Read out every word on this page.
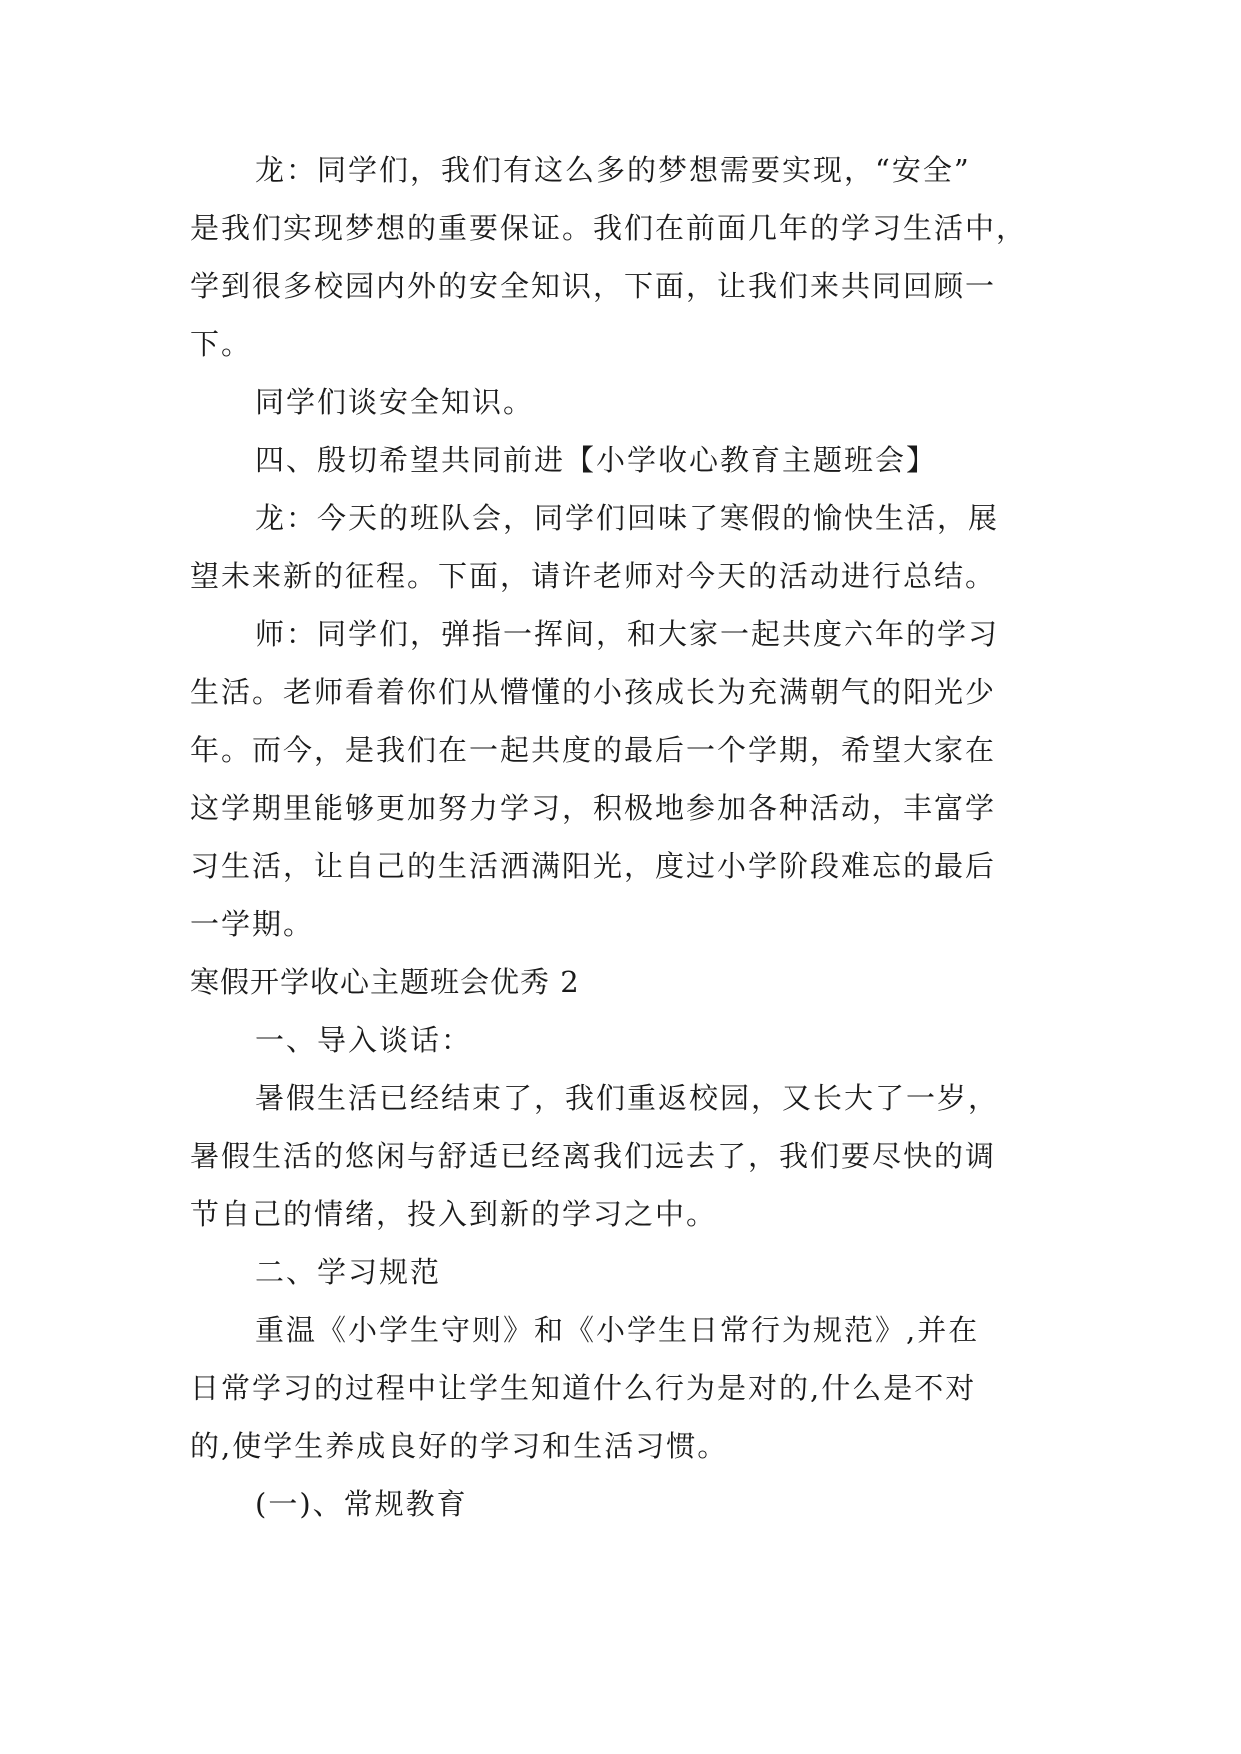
龙：同学们，我们有这么多的梦想需要实现，“安全”
是我们实现梦想的重要保证。我们在前面几年的学习生活中，
学到很多校园内外的安全知识，下面，让我们来共同回顾一
下。
同学们谈安全知识。
四、殷切希望共同前进【小学收心教育主题班会】
龙：今天的班队会，同学们回味了寒假的愉快生活，展
望未来新的征程。下面，请许老师对今天的活动进行总结。
师：同学们，弹指一挥间，和大家一起共度六年的学习
生活。老师看着你们从懵懂的小孩成长为充满朝气的阳光少
年。而今，是我们在一起共度的最后一个学期，希望大家在
这学期里能够更加努力学习，积极地参加各种活动，丰富学
习生活，让自己的生活洒满阳光，度过小学阶段难忘的最后
一学期。
寒假开学收心主题班会优秀 2
一、导入谈话：
暑假生活已经结束了，我们重返校园，又长大了一岁，
暑假生活的悠闲与舒适已经离我们远去了，我们要尽快的调
节自己的情绪，投入到新的学习之中。
二、学习规范
重温《小学生守则》和《小学生日常行为规范》,并在
日常学习的过程中让学生知道什么行为是对的,什么是不对
的,使学生养成良好的学习和生活习惯。
(一)、常规教育
